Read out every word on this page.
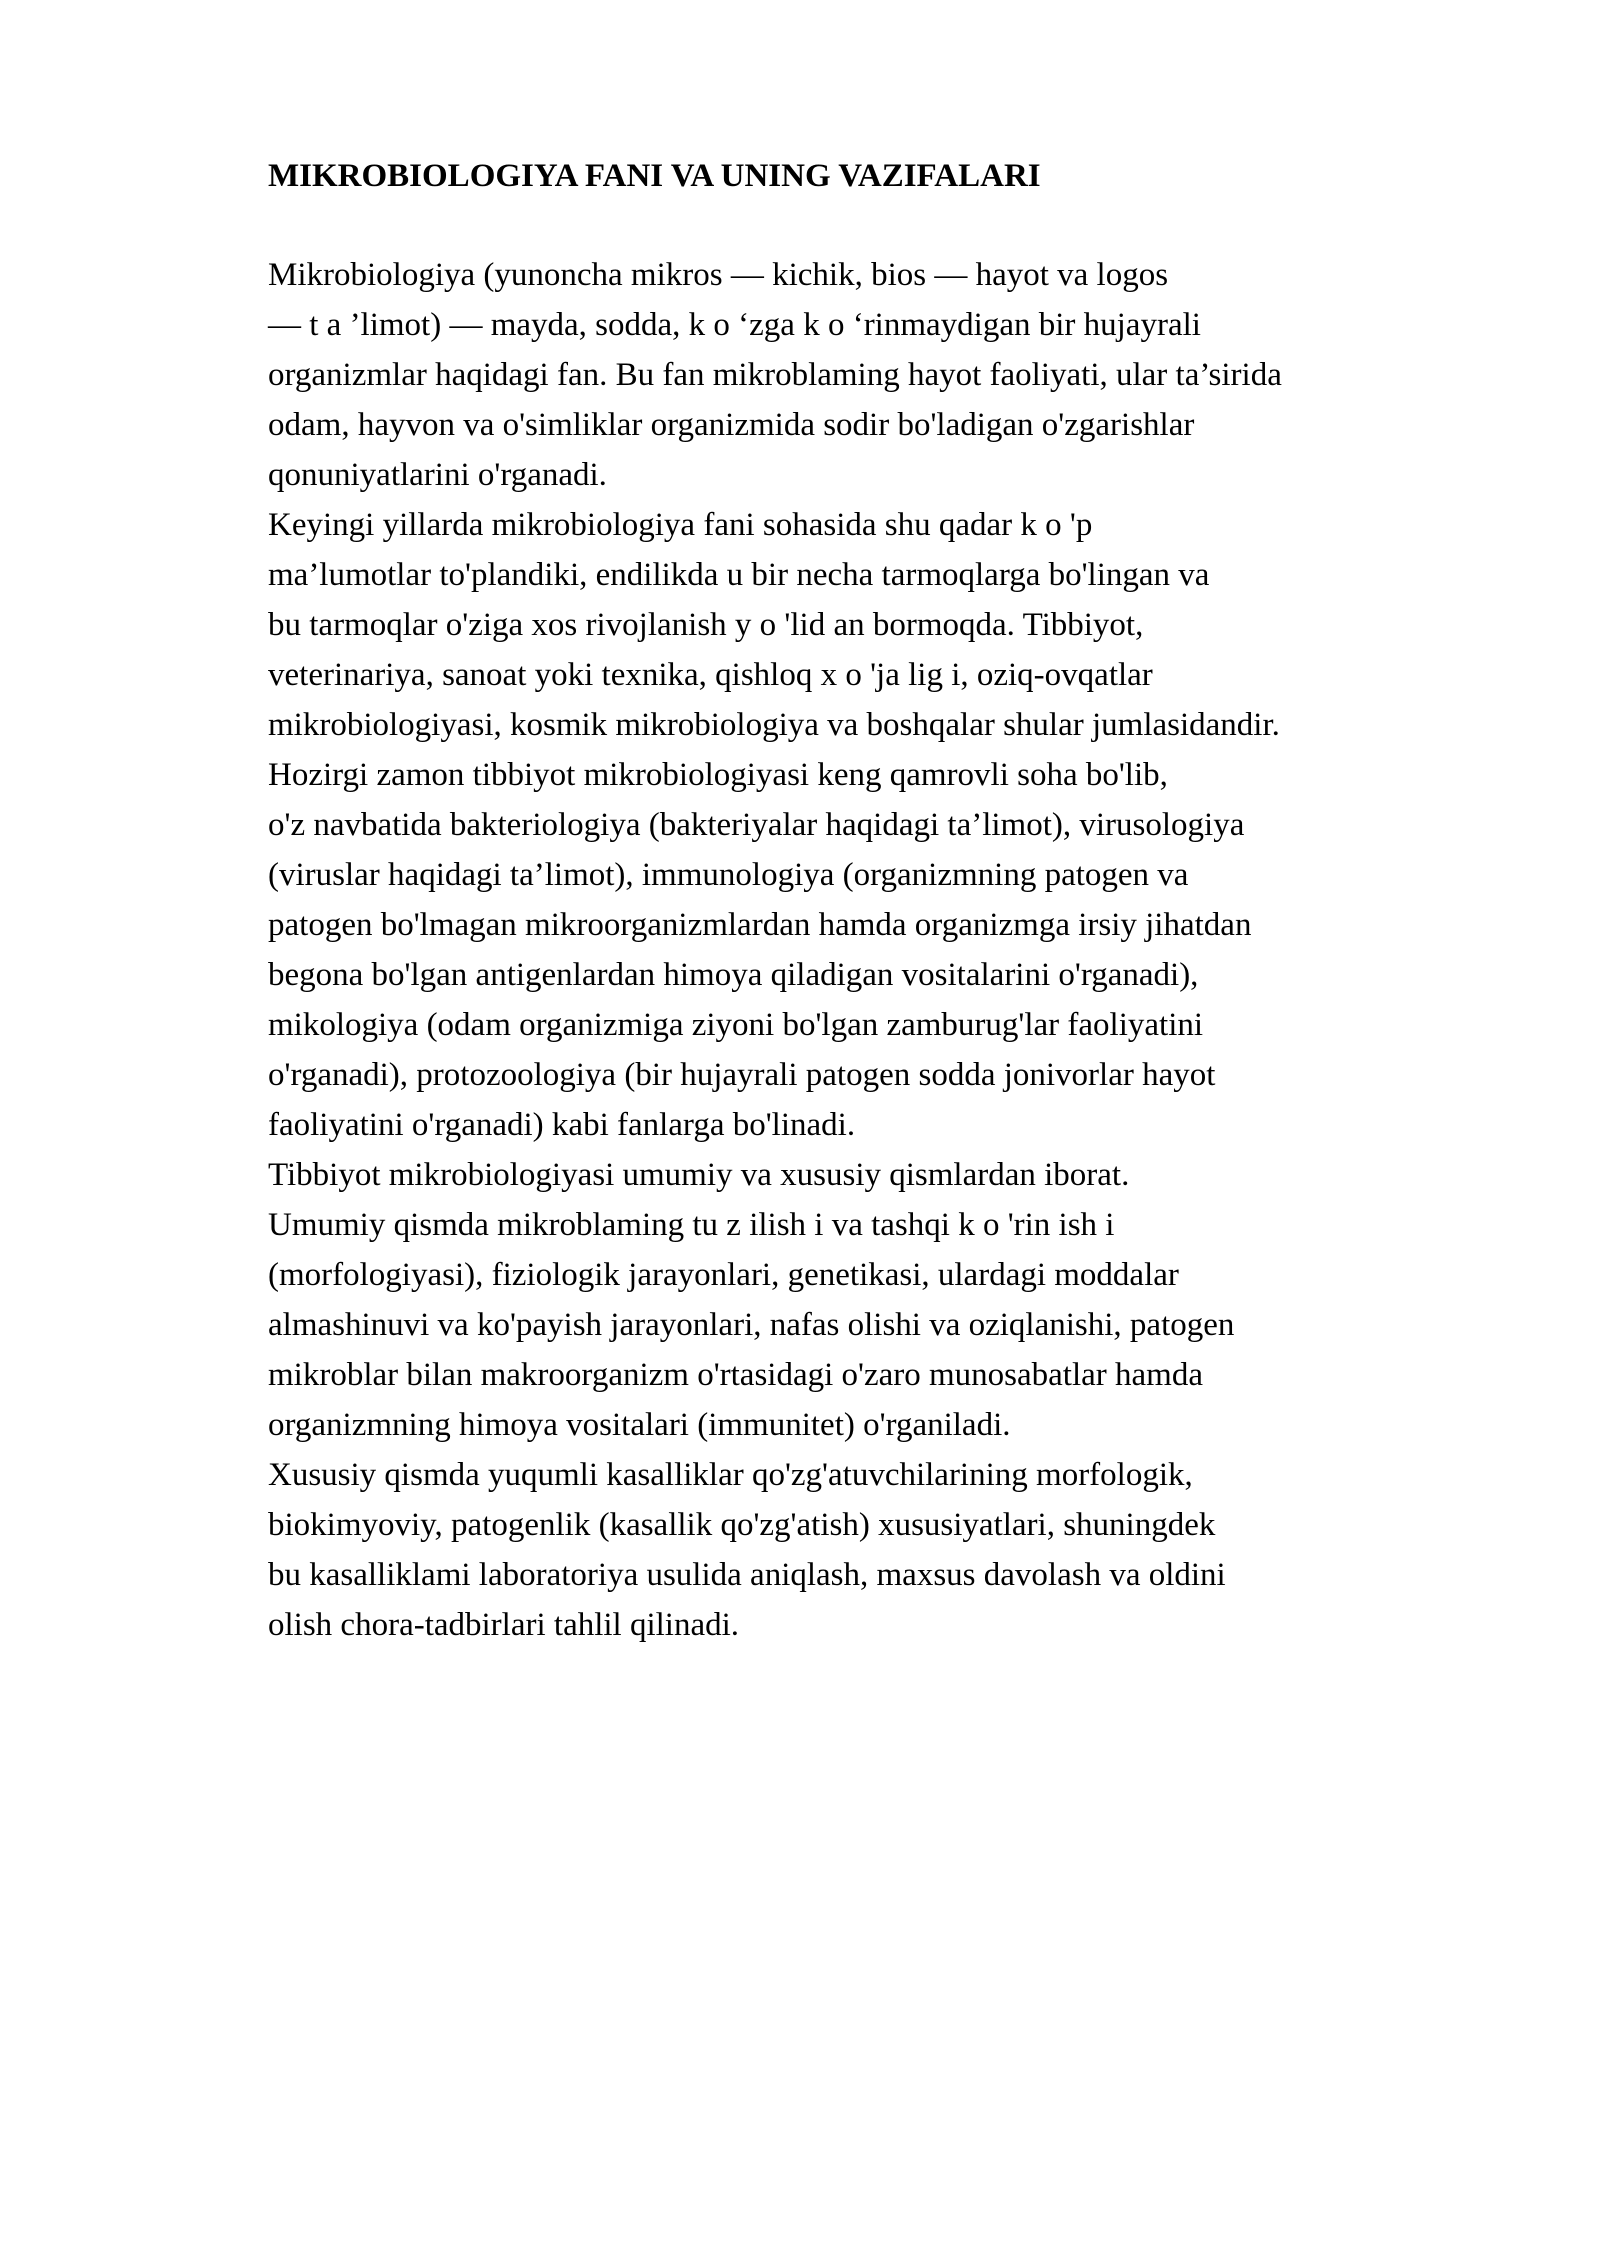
MIKROBIOLOGIYA FANI VA UNING VAZIFALARI
Mikrobiologiya (yunoncha mikros — kichik, bios — hayot va logos
— t a ’limot) — mayda, sodda, k o ‘zga k o ‘rinmaydigan bir hujayrali
organizmlar haqidagi fan. Bu fan mikroblaming hayot faoliyati, ular ta’sirida
odam, hayvon va o'simliklar organizmida sodir bo'ladigan o'zgarishlar
qonuniyatlarini o'rganadi.
Keyingi yillarda mikrobiologiya fani sohasida shu qadar k o 'p
ma’lumotlar to'plandiki, endilikda u bir necha tarmoqlarga bo'lingan va
bu tarmoqlar o'ziga xos rivojlanish y o 'lid an bormoqda. Tibbiyot,
veterinariya, sanoat yoki texnika, qishloq x o 'ja lig i, oziq-ovqatlar
mikrobiologiyasi, kosmik mikrobiologiya va boshqalar shular jumlasidandir.
Hozirgi zamon tibbiyot mikrobiologiyasi keng qamrovli soha bo'lib,
o'z navbatida bakteriologiya (bakteriyalar haqidagi ta’limot), virusologiya
(viruslar haqidagi ta’limot), immunologiya (organizmning patogen va
patogen bo'lmagan mikroorganizmlardan hamda organizmga irsiy jihatdan
begona bo'lgan antigenlardan himoya qiladigan vositalarini o'rganadi),
mikologiya (odam organizmiga ziyoni bo'lgan zamburug'lar faoliyatini
o'rganadi), protozoologiya (bir hujayrali patogen sodda jonivorlar hayot
faoliyatini o'rganadi) kabi fanlarga bo'linadi.
Tibbiyot mikrobiologiyasi umumiy va xususiy qismlardan iborat.
Umumiy qismda mikroblaming tu z ilish i va tashqi k o 'rin ish i
(morfologiyasi), fiziologik jarayonlari, genetikasi, ulardagi moddalar
almashinuvi va ko'payish jarayonlari, nafas olishi va oziqlanishi, patogen
mikroblar bilan makroorganizm o'rtasidagi o'zaro munosabatlar hamda
organizmning himoya vositalari (immunitet) o'rganiladi.
Xususiy qismda yuqumli kasalliklar qo'zg'atuvchilarining morfologik,
biokimyoviy, patogenlik (kasallik qo'zg'atish) xususiyatlari, shuningdek
bu kasalliklami laboratoriya usulida aniqlash, maxsus davolash va oldini
olish chora-tadbirlari tahlil qilinadi.
